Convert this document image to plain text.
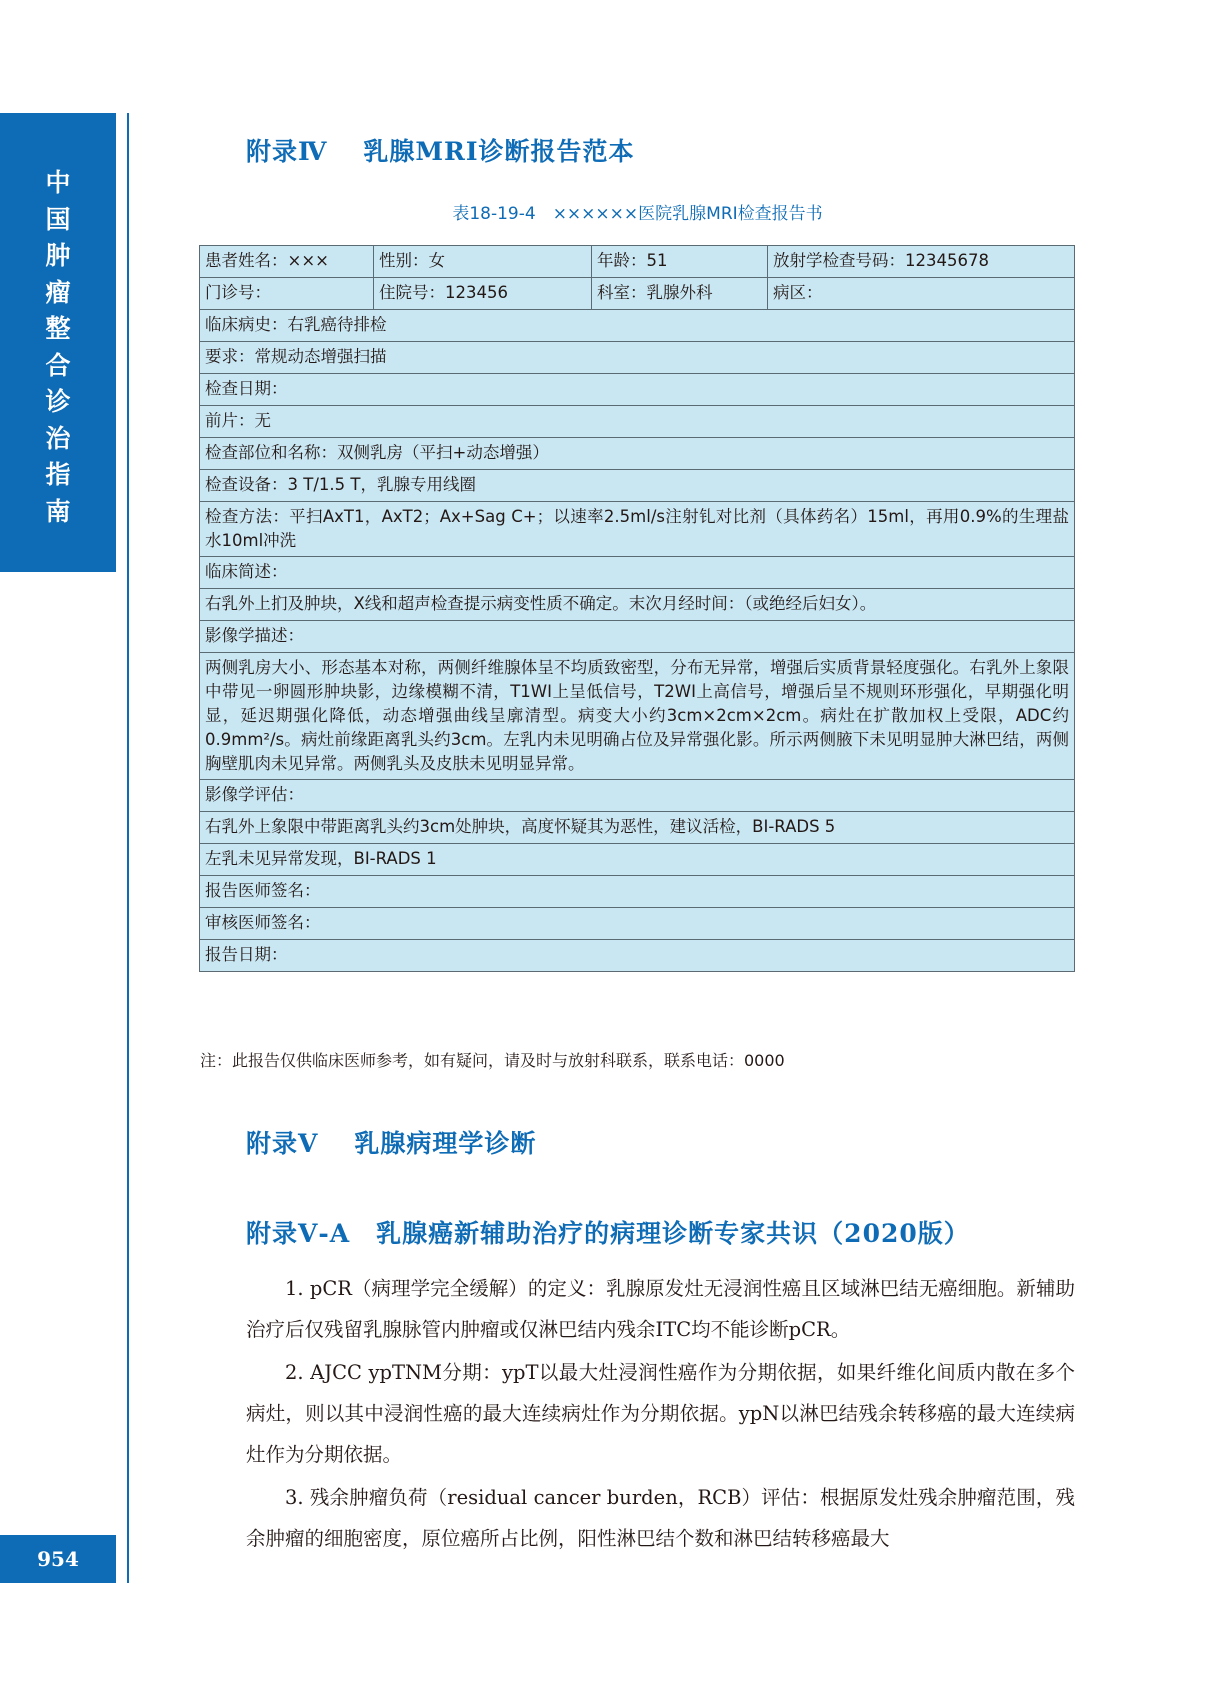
中
国
肿
瘤
整
合
诊
治
指
南
954
附录Ⅳ 乳腺MRI诊断报告范本
表18-19-4　××××××医院乳腺MRI检查报告书
患者姓名：×××	性别：女	年龄：51	放射学检查号码：12345678
门诊号：	住院号：123456	科室：乳腺外科	病区：
临床病史：右乳癌待排检			
要求：常规动态增强扫描			
检查日期：			
前片：无			
检查部位和名称：双侧乳房（平扫+动态增强）			
检查设备：3 T/1.5 T，乳腺专用线圈			
检查方法：平扫AxT1，AxT2；Ax+Sag C+；以速率2.5ml/s注射钆对比剂（具体药名）15ml，再用0.9%的生理盐水10ml冲洗			
临床简述：			
右乳外上扪及肿块，X线和超声检查提示病变性质不确定。末次月经时间：（或绝经后妇女）。			
影像学描述：			
两侧乳房大小、形态基本对称，两侧纤维腺体呈不均质致密型，分布无异常，增强后实质背景轻度强化。右乳外上象限中带见一卵圆形肿块影，边缘模糊不清，T1WI上呈低信号，T2WI上高信号，增强后呈不规则环形强化，早期强化明显，延迟期强化降低，动态增强曲线呈廓清型。病变大小约3cm×2cm×2cm。病灶在扩散加权上受限，ADC约0.9mm²/s。病灶前缘距离乳头约3cm。左乳内未见明确占位及异常强化影。所示两侧腋下未见明显肿大淋巴结，两侧胸壁肌肉未见异常。两侧乳头及皮肤未见明显异常。			
影像学评估：			
右乳外上象限中带距离乳头约3cm处肿块，高度怀疑其为恶性，建议活检，BI-RADS 5			
左乳未见异常发现，BI-RADS 1			
报告医师签名：			
审核医师签名：			
报告日期：			
注：此报告仅供临床医师参考，如有疑问，请及时与放射科联系，联系电话：0000
附录Ⅴ 乳腺病理学诊断
附录Ⅴ-A 乳腺癌新辅助治疗的病理诊断专家共识（2020版）
1. pCR（病理学完全缓解）的定义：乳腺原发灶无浸润性癌且区域淋巴结无癌细胞。新辅助治疗后仅残留乳腺脉管内肿瘤或仅淋巴结内残余ITC均不能诊断pCR。
2. AJCC ypTNM分期：ypT以最大灶浸润性癌作为分期依据，如果纤维化间质内散在多个病灶，则以其中浸润性癌的最大连续病灶作为分期依据。ypN以淋巴结残余转移癌的最大连续病灶作为分期依据。
3. 残余肿瘤负荷（residual cancer burden，RCB）评估：根据原发灶残余肿瘤范围，残余肿瘤的细胞密度，原位癌所占比例，阳性淋巴结个数和淋巴结转移癌最大
